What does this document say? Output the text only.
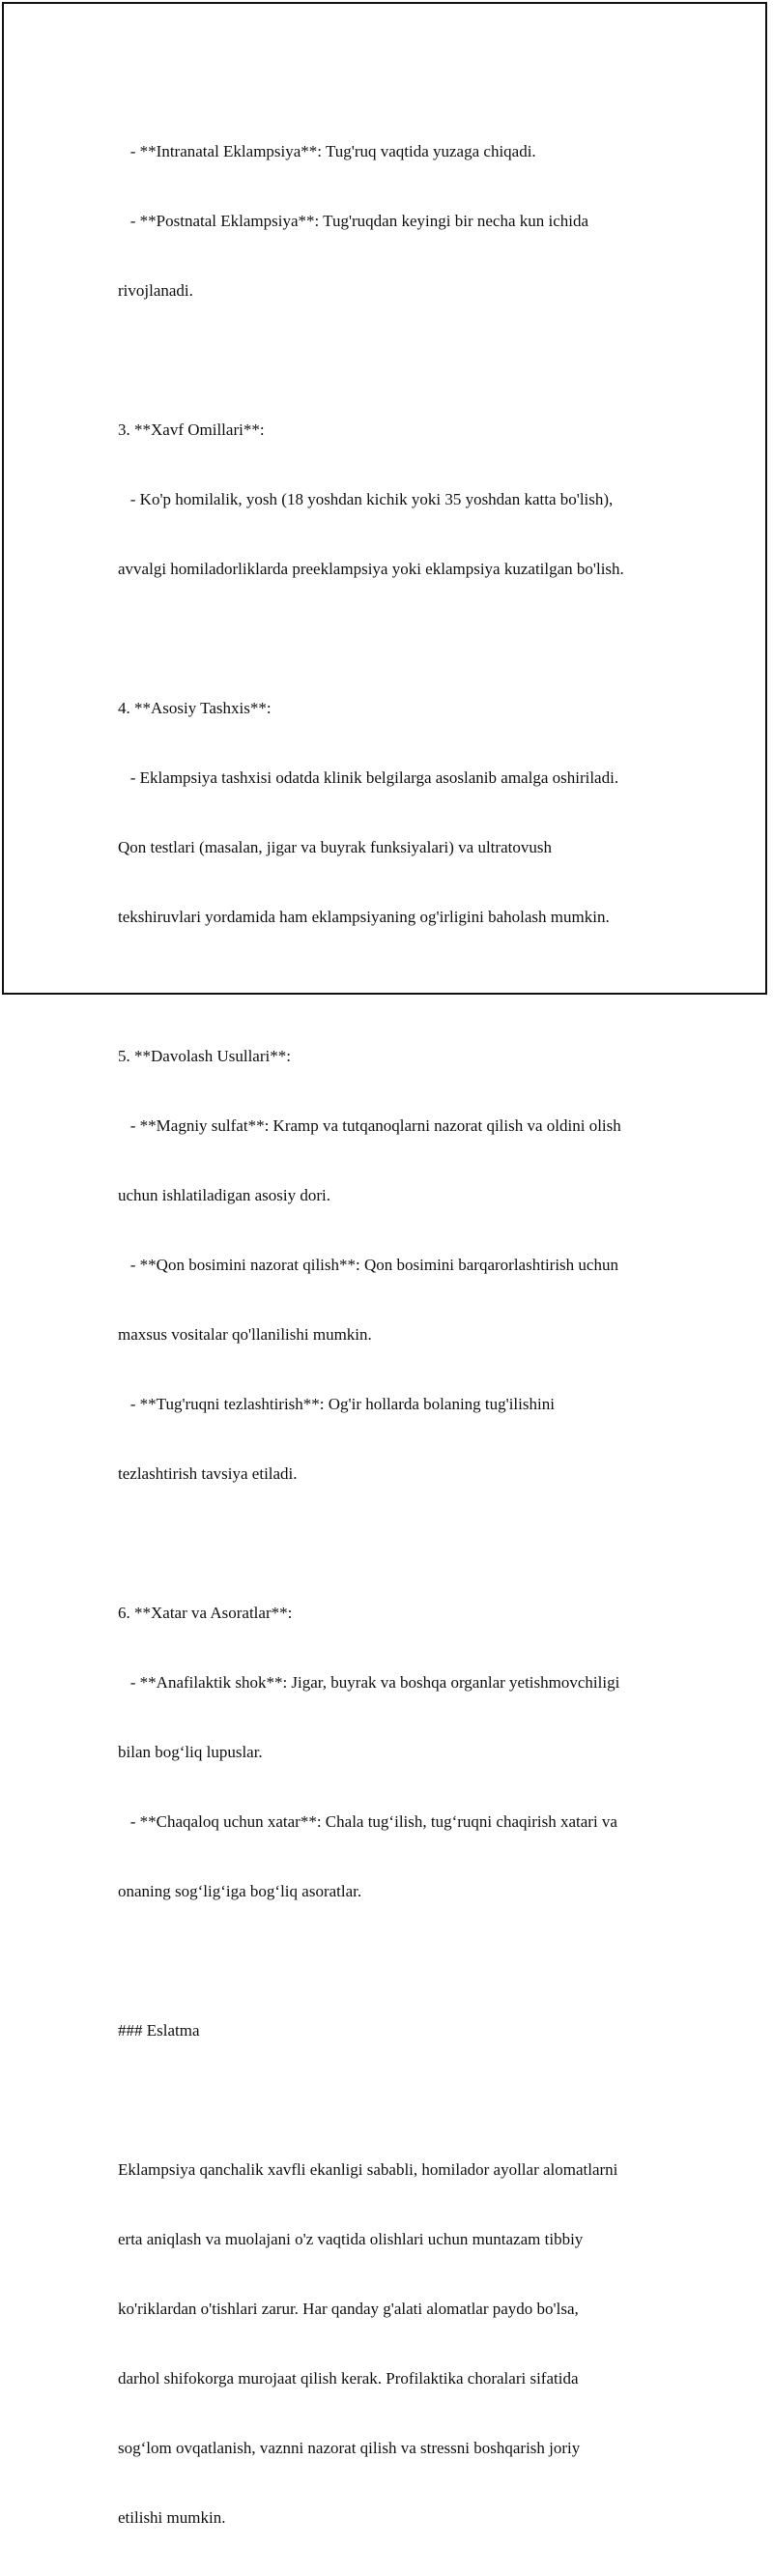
- **Intranatal Eklampsiya**: Tug'ruq vaqtida yuzaga chiqadi.

- **Postnatal Eklampsiya**: Tug'ruqdan keyingi bir necha kun ichida

rivojlanadi.

3. **Xavf Omillari**:

- Ko'p homilalik, yosh (18 yoshdan kichik yoki 35 yoshdan katta bo'lish),

avvalgi homiladorliklarda preeklampsiya yoki eklampsiya kuzatilgan bo'lish.

4. **Asosiy Tashxis**:

- Eklampsiya tashxisi odatda klinik belgilarga asoslanib amalga oshiriladi.

Qon testlari (masalan, jigar va buyrak funksiyalari) va ultratovush

tekshiruvlari yordamida ham eklampsiyaning og'irligini baholash mumkin.

5. **Davolash Usullari**:

- **Magniy sulfat**: Kramp va tutqanoqlarni nazorat qilish va oldini olish

uchun ishlatiladigan asosiy dori.

- **Qon bosimini nazorat qilish**: Qon bosimini barqarorlashtirish uchun

maxsus vositalar qo'llanilishi mumkin.

- **Tug'ruqni tezlashtirish**: Og'ir hollarda bolaning tug'ilishini

tezlashtirish tavsiya etiladi.

6. **Xatar va Asoratlar**:

- **Anafilaktik shok**: Jigar, buyrak va boshqa organlar yetishmovchiligi

bilan bog‘liq lupuslar.

- **Chaqaloq uchun xatar**: Chala tug‘ilish, tug‘ruqni chaqirish xatari va

onaning sog‘lig‘iga bog‘liq asoratlar.

### Eslatma

Eklampsiya qanchalik xavfli ekanligi sababli, homilador ayollar alomatlarni

erta aniqlash va muolajani o'z vaqtida olishlari uchun muntazam tibbiy

ko'riklardan o'tishlari zarur. Har qanday g'alati alomatlar paydo bo'lsa,

darhol shifokorga murojaat qilish kerak. Profilaktika choralari sifatida

sog‘lom ovqatlanish, vaznni nazorat qilish va stressni boshqarish joriy

etilishi mumkin.
